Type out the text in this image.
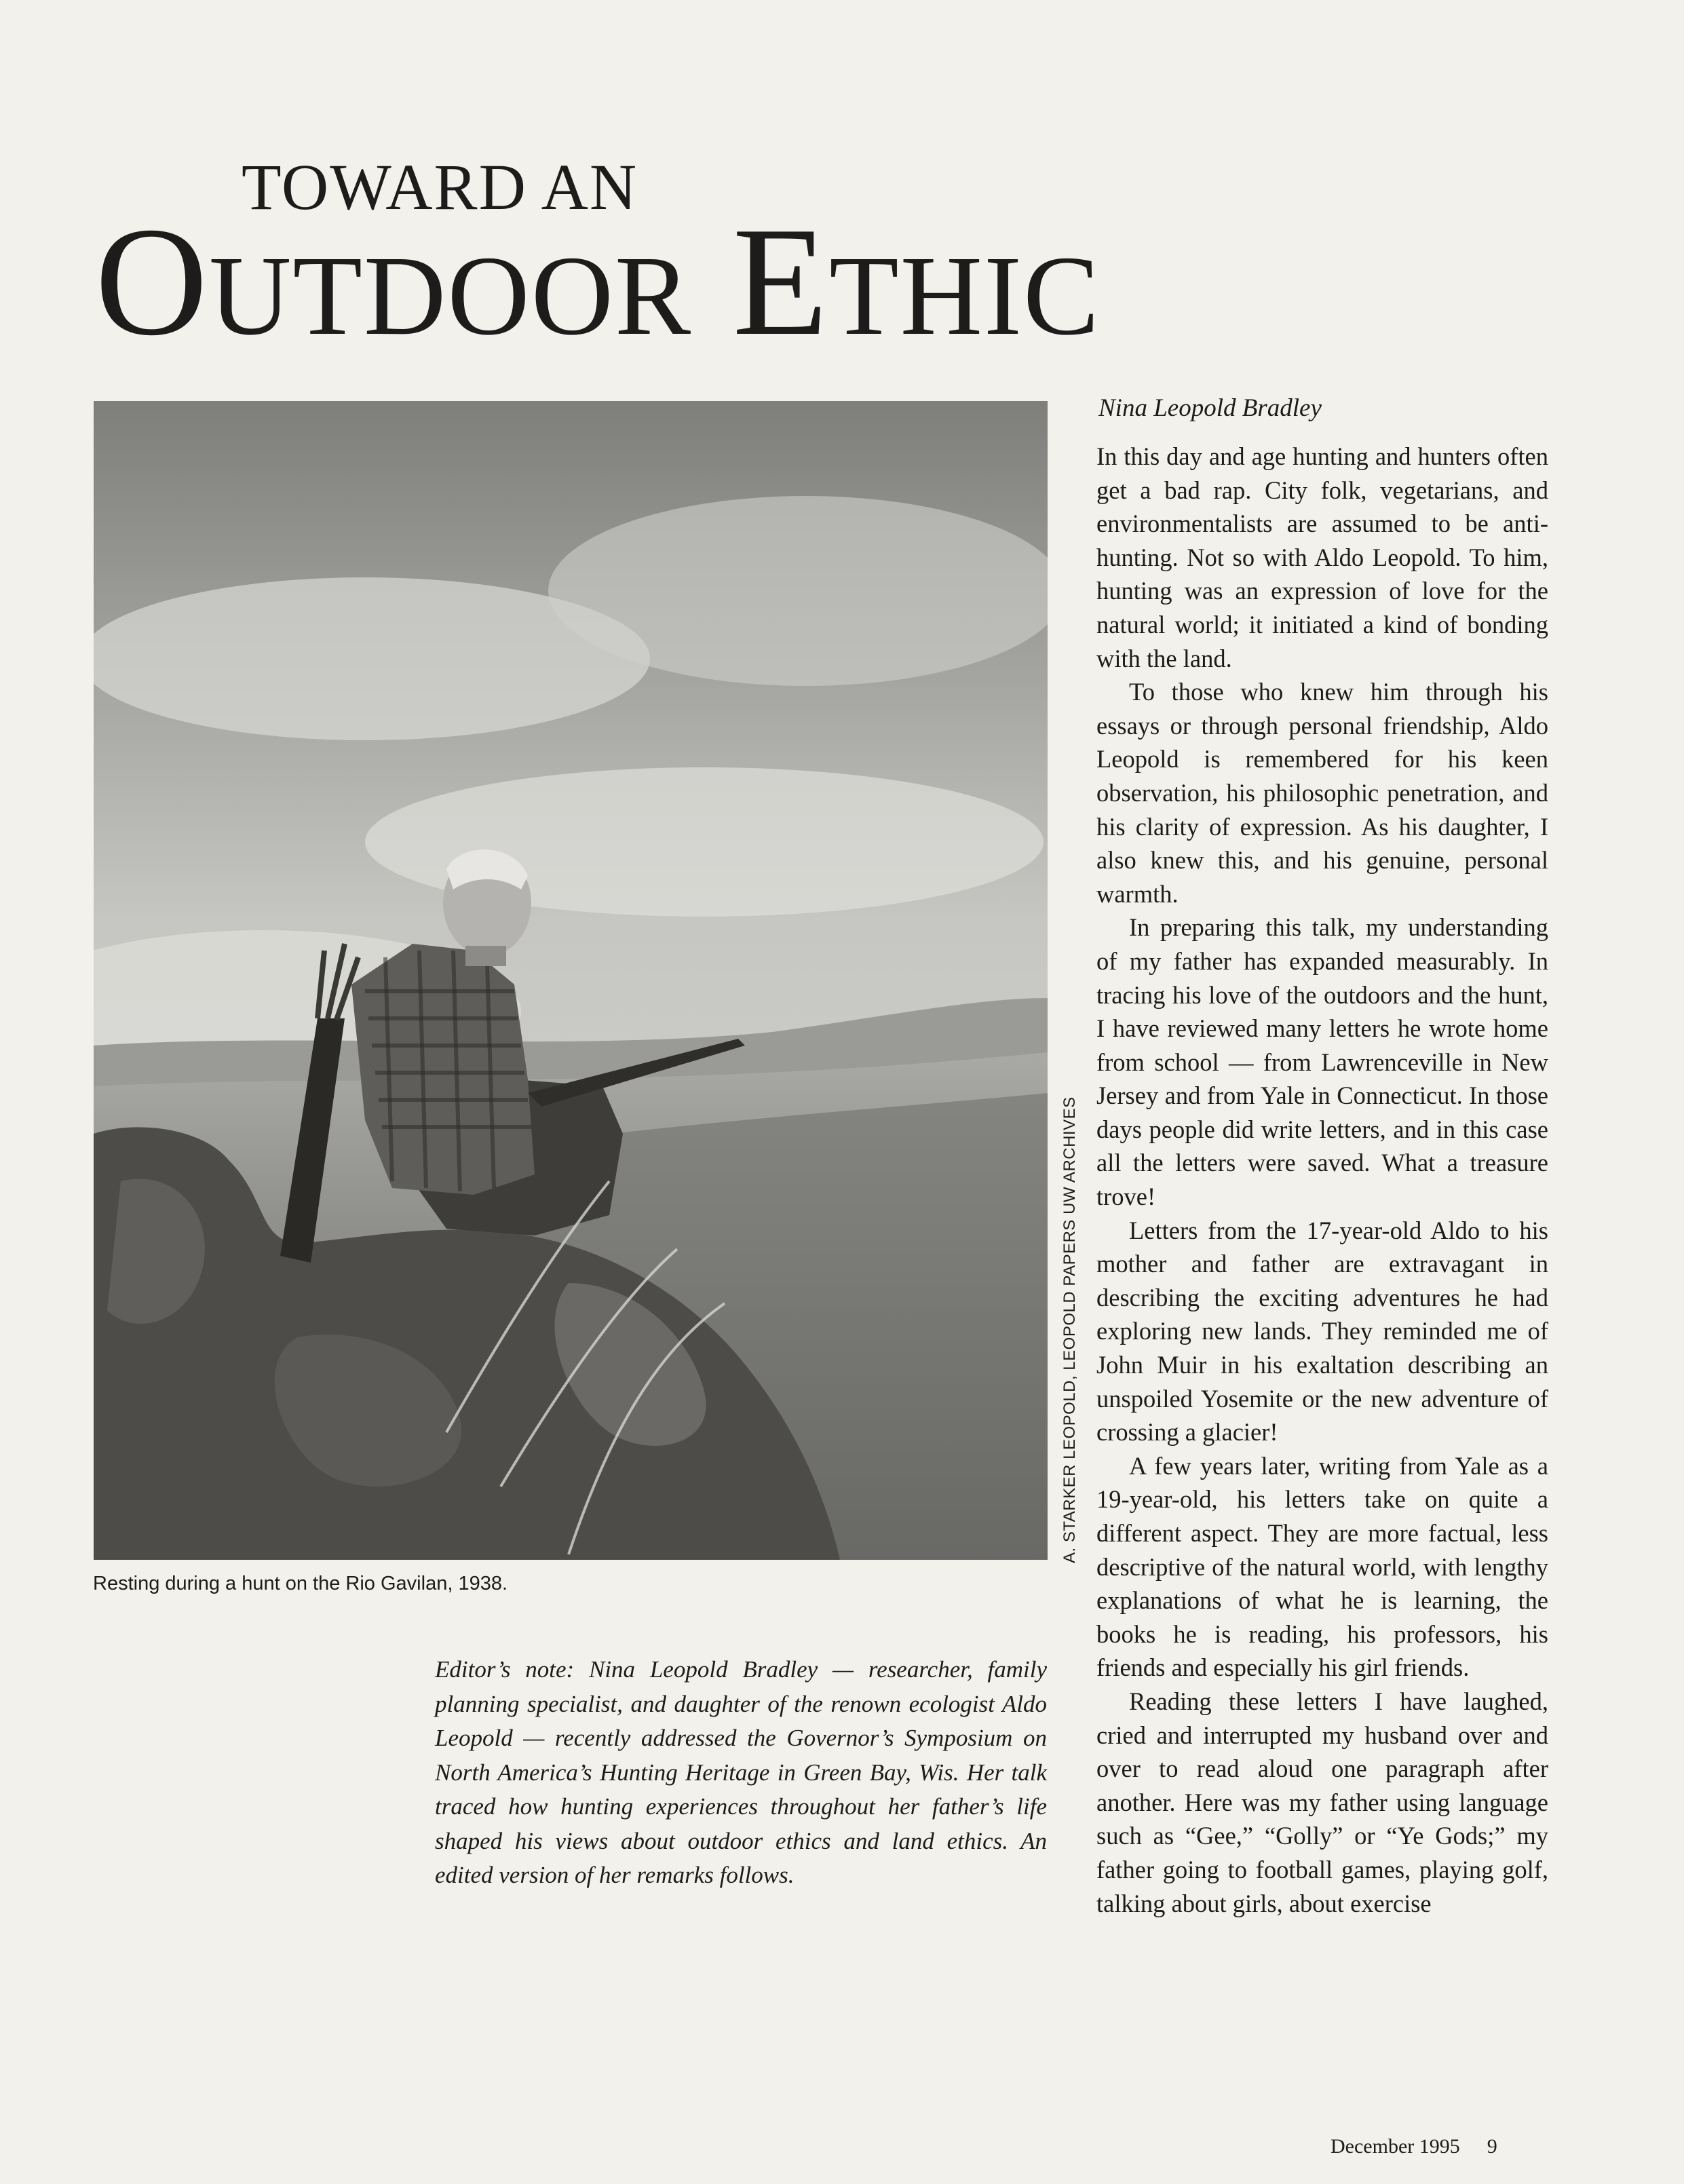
TOWARD AN
OUTDOOR ETHIC
A. STARKER LEOPOLD, LEOPOLD PAPERS UW ARCHIVES
Resting during a hunt on the Rio Gavilan, 1938.
Editor’s note: Nina Leopold Bradley — researcher, family planning specialist, and daughter of the renown ecologist Aldo Leopold — recently addressed the Governor’s Symposium on North America’s Hunting Heritage in Green Bay, Wis. Her talk traced how hunting experiences throughout her father’s life shaped his views about outdoor ethics and land ethics. An edited version of her remarks follows.
Nina Leopold Bradley

In this day and age hunting and hunters often get a bad rap. City folk, vegetarians, and environmentalists are assumed to be anti-hunting. Not so with Aldo Leopold. To him, hunting was an expression of love for the natural world; it initiated a kind of bonding with the land.

To those who knew him through his essays or through personal friendship, Aldo Leopold is remembered for his keen observation, his philosophic penetration, and his clarity of expression. As his daughter, I also knew this, and his genuine, personal warmth.

In preparing this talk, my understanding of my father has expanded measurably. In tracing his love of the outdoors and the hunt, I have reviewed many letters he wrote home from school — from Lawrenceville in New Jersey and from Yale in Connecticut. In those days people did write letters, and in this case all the letters were saved. What a treasure trove!

Letters from the 17-year-old Aldo to his mother and father are extravagant in describing the exciting adventures he had exploring new lands. They reminded me of John Muir in his exaltation describing an unspoiled Yosemite or the new adventure of crossing a glacier!

A few years later, writing from Yale as a 19-year-old, his letters take on quite a different aspect. They are more factual, less descriptive of the natural world, with lengthy explanations of what he is learning, the books he is reading, his professors, his friends and especially his girl friends.

Reading these letters I have laughed, cried and interrupted my husband over and over to read aloud one paragraph after another. Here was my father using language such as “Gee,” “Golly” or “Ye Gods;” my father going to football games, playing golf, talking about girls, about exercise

December 1995 9
